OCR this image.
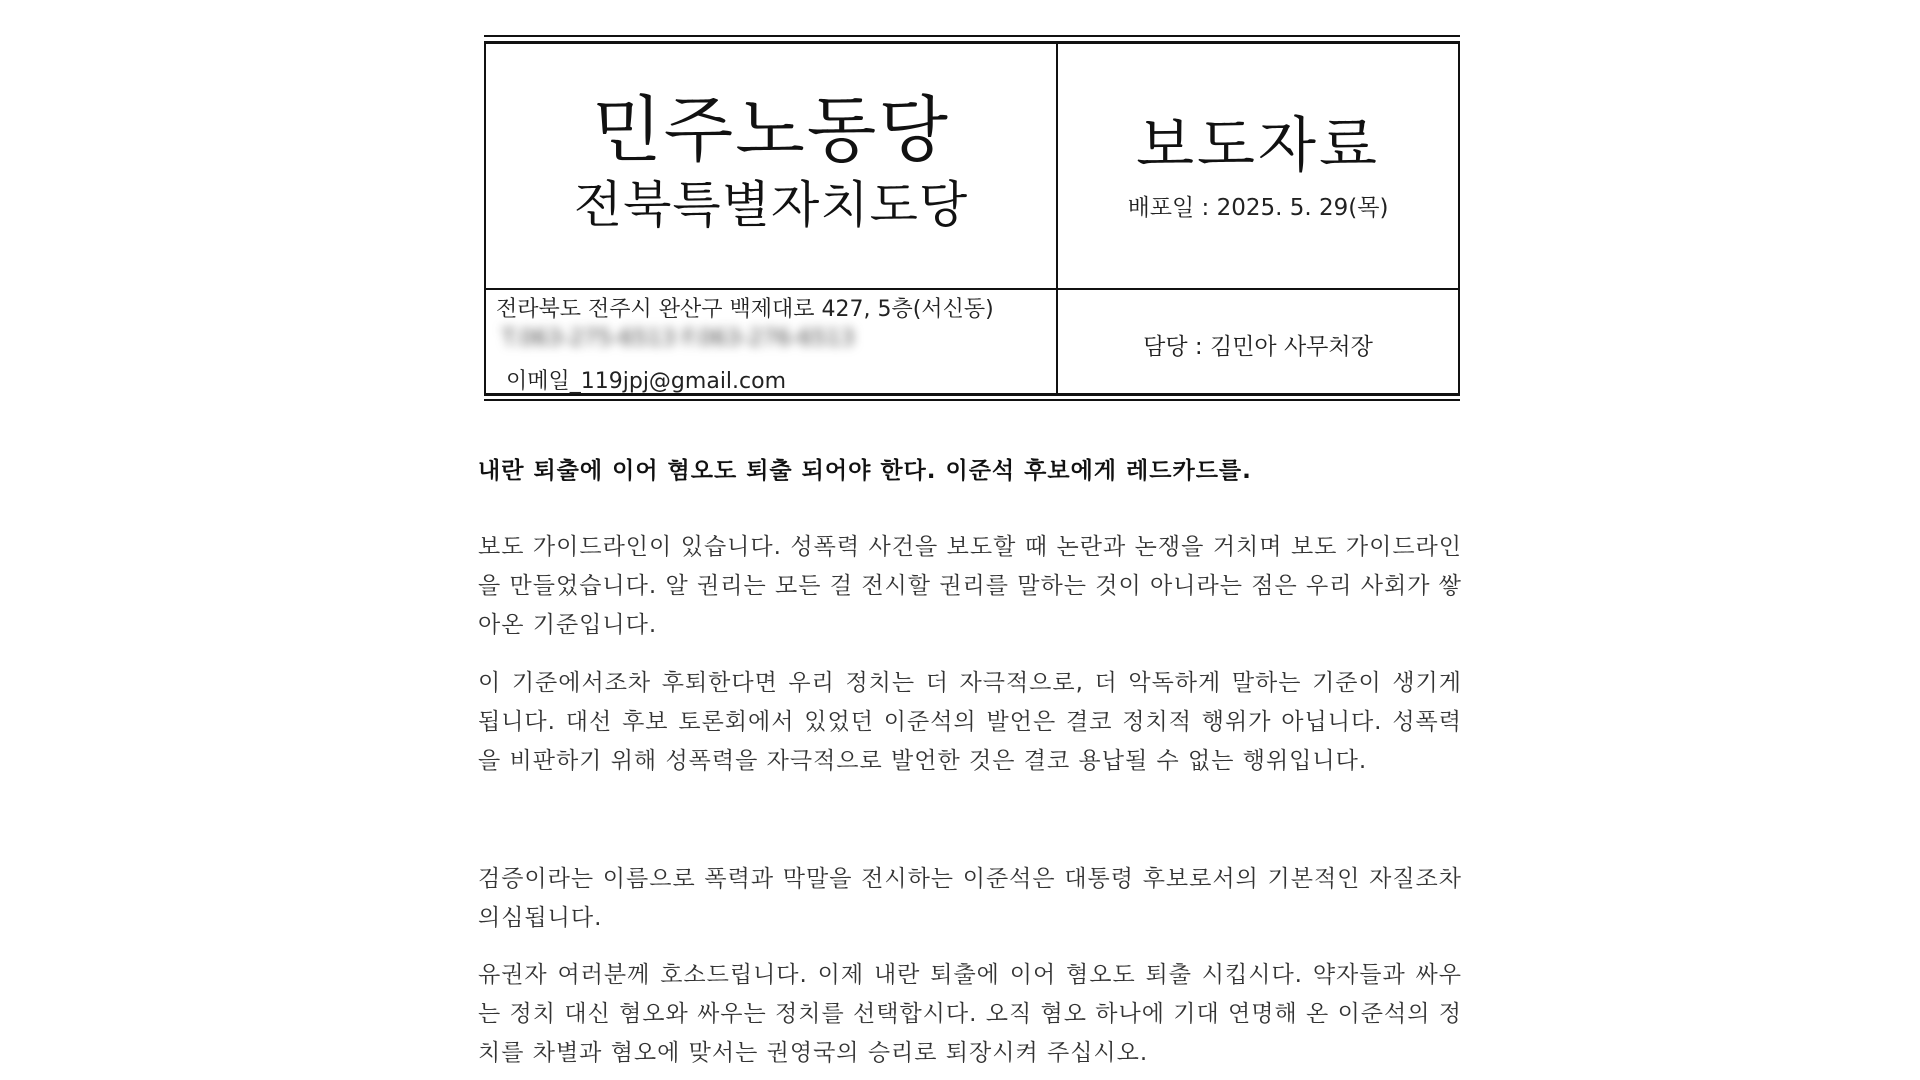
민주노동당
전북특별자치도당
보도자료
배포일 : 2025. 5. 29(목)
전라북도 전주시 완산구 백제대로 427, 5층(서신동)
T.063-275-6513 F.063-276-6513
이메일_119jpj@gmail.com
담당 : 김민아 사무처장
내란 퇴출에 이어 혐오도 퇴출 되어야 한다. 이준석 후보에게 레드카드를.
보도 가이드라인이 있습니다. 성폭력 사건을 보도할 때 논란과 논쟁을 거치며 보도 가이드라인을 만들었습니다. 알 권리는 모든 걸 전시할 권리를 말하는 것이 아니라는 점은 우리 사회가 쌓아온 기준입니다.
이 기준에서조차 후퇴한다면 우리 정치는 더 자극적으로, 더 악독하게 말하는 기준이 생기게 됩니다. 대선 후보 토론회에서 있었던 이준석의 발언은 결코 정치적 행위가 아닙니다. 성폭력을 비판하기 위해 성폭력을 자극적으로 발언한 것은 결코 용납될 수 없는 행위입니다.
검증이라는 이름으로 폭력과 막말을 전시하는 이준석은 대통령 후보로서의 기본적인 자질조차 의심됩니다.
유권자 여러분께 호소드립니다. 이제 내란 퇴출에 이어 혐오도 퇴출 시킵시다. 약자들과 싸우는 정치 대신 혐오와 싸우는 정치를 선택합시다. 오직 혐오 하나에 기대 연명해 온 이준석의 정치를 차별과 혐오에 맞서는 권영국의 승리로 퇴장시켜 주십시오.
